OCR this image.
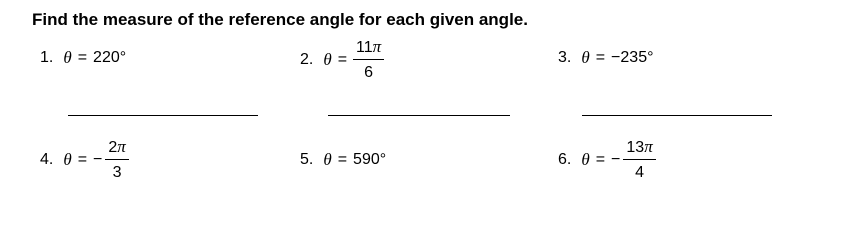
Find the measure of the reference angle for each given angle.
1. θ = 220°	2. $\theta = \frac{11\pi}{6}$	3. θ = −235°
4. θ = − $\frac{2\pi}{3}$	5. θ = 590°	6. θ = − $\frac{13\pi}{4}$
